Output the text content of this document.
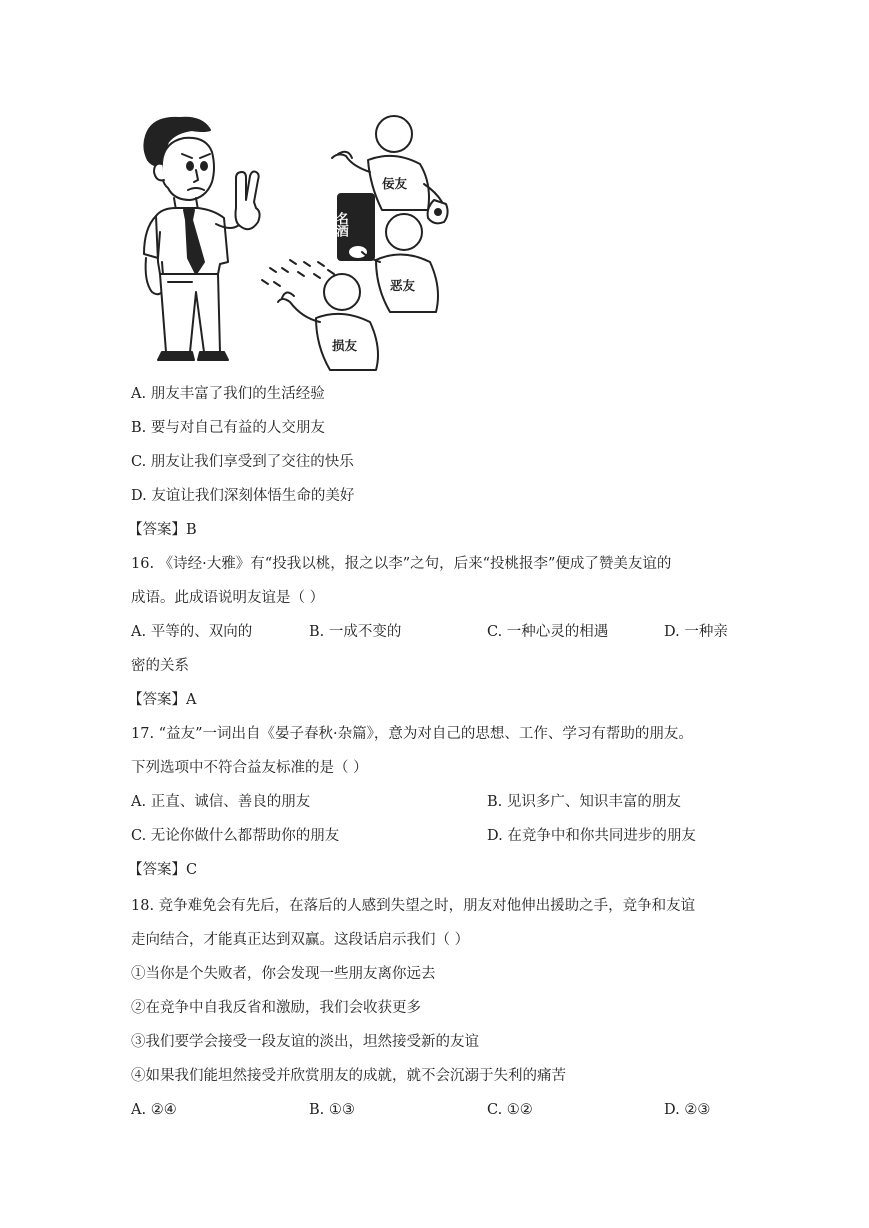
佞友
恶友
损友
名酒
A. 朋友丰富了我们的生活经验
B. 要与对自己有益的人交朋友
C. 朋友让我们享受到了交往的快乐
D. 友谊让我们深刻体悟生命的美好
【答案】B
16. 《诗经·大雅》有“投我以桃，报之以李”之句，后来“投桃报李”便成了赞美友谊的
成语。此成语说明友谊是（ ）
A. 平等的、双向的	B. 一成不变的	C. 一种心灵的相遇	D. 一种亲
密的关系
【答案】A
17. “益友”一词出自《晏子春秋·杂篇》，意为对自己的思想、工作、学习有帮助的朋友。
下列选项中不符合益友标准的是（ ）
A. 正直、诚信、善良的朋友	B. 见识多广、知识丰富的朋友
C. 无论你做什么都帮助你的朋友	D. 在竞争中和你共同进步的朋友
【答案】C
18. 竞争难免会有先后，在落后的人感到失望之时，朋友对他伸出援助之手，竞争和友谊
走向结合，才能真正达到双赢。这段话启示我们（ ）
①当你是个失败者，你会发现一些朋友离你远去
②在竞争中自我反省和激励，我们会收获更多
③我们要学会接受一段友谊的淡出，坦然接受新的友谊
④如果我们能坦然接受并欣赏朋友的成就，就不会沉溺于失利的痛苦
A. ②④	B. ①③	C. ①②	D. ②③
